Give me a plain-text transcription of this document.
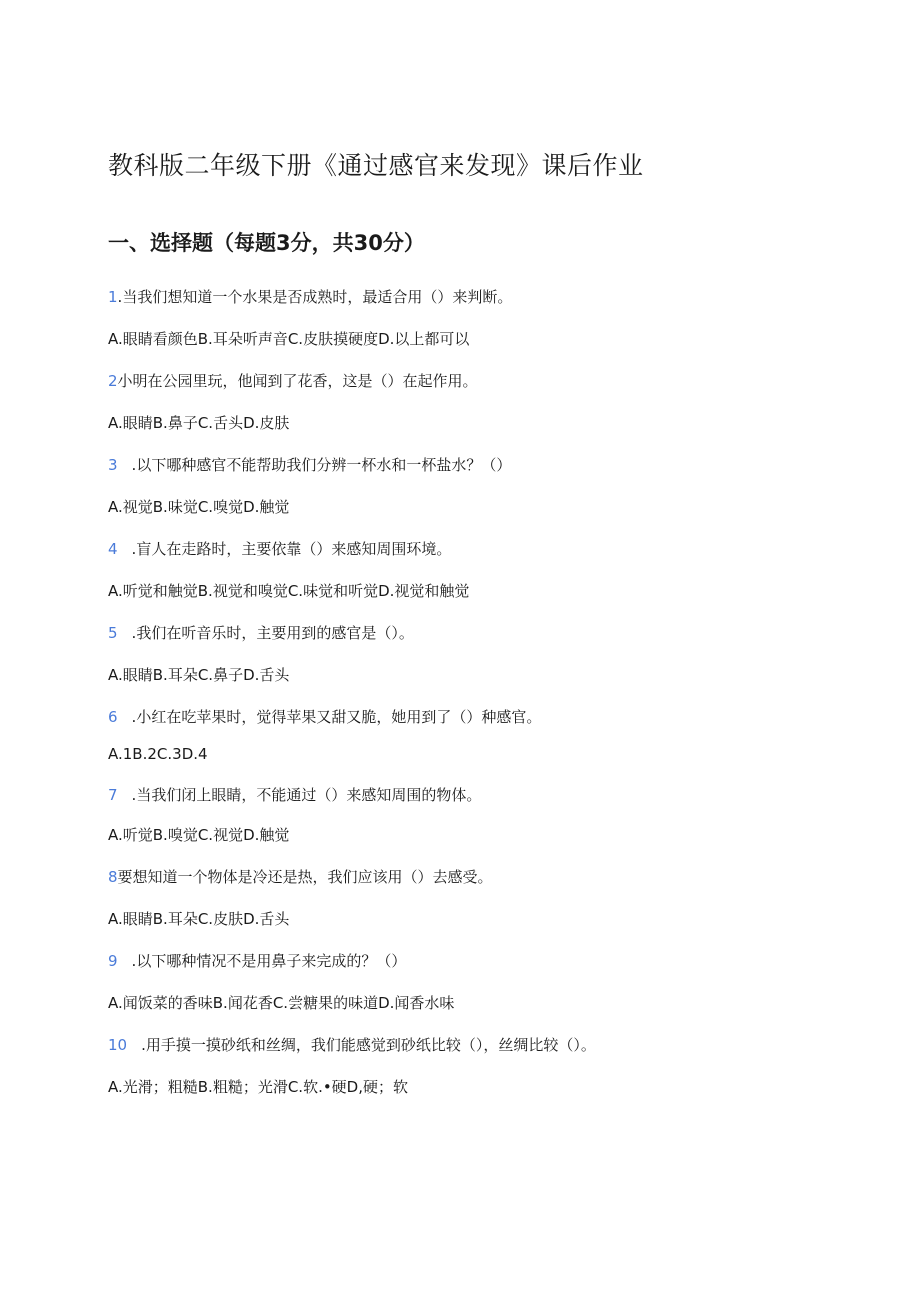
教科版二年级下册《通过感官来发现》课后作业
一、选择题（每题3分，共30分）
1.当我们想知道一个水果是否成熟时，最适合用（）来判断。
A.眼睛看颜色B.耳朵听声音C.皮肤摸硬度D.以上都可以
2小明在公园里玩，他闻到了花香，这是（）在起作用。
A.眼睛B.鼻子C.舌头D.皮肤
3 .以下哪种感官不能帮助我们分辨一杯水和一杯盐水？（）
A.视觉B.味觉C.嗅觉D.触觉
4 .盲人在走路时，主要依靠（）来感知周围环境。
A.听觉和触觉B.视觉和嗅觉C.味觉和听觉D.视觉和触觉
5 .我们在听音乐时，主要用到的感官是（）。
A.眼睛B.耳朵C.鼻子D.舌头
6 .小红在吃苹果时，觉得苹果又甜又脆，她用到了（）种感官。
A.1B.2C.3D.4
7 .当我们闭上眼睛，不能通过（）来感知周围的物体。
A.听觉B.嗅觉C.视觉D.触觉
8要想知道一个物体是冷还是热，我们应该用（）去感受。
A.眼睛B.耳朵C.皮肤D.舌头
9 .以下哪种情况不是用鼻子来完成的？（）
A.闻饭菜的香味B.闻花香C.尝糖果的味道D.闻香水味
10 .用手摸一摸砂纸和丝绸，我们能感觉到砂纸比较（），丝绸比较（）。
A.光滑；粗糙B.粗糙；光滑C.软.•硬D,硬；软
